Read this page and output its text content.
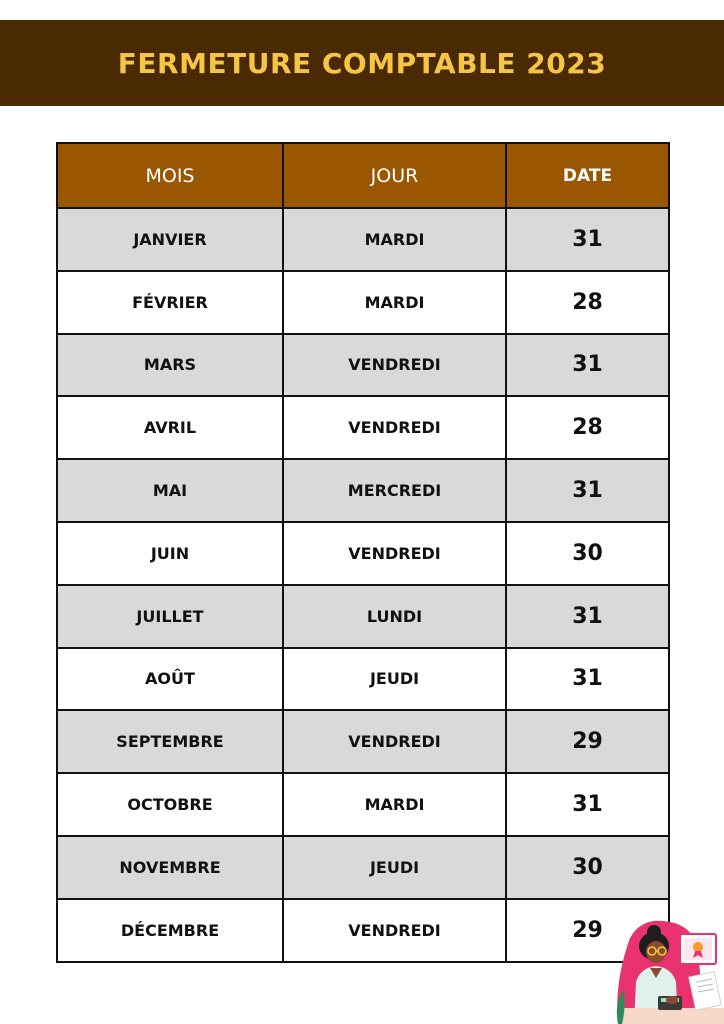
FERMETURE COMPTABLE 2023
MOIS	JOUR	DATE
JANVIER	MARDI	31
FÉVRIER	MARDI	28
MARS	VENDREDI	31
AVRIL	VENDREDI	28
MAI	MERCREDI	31
JUIN	VENDREDI	30
JUILLET	LUNDI	31
AOÛT	JEUDI	31
SEPTEMBRE	VENDREDI	29
OCTOBRE	MARDI	31
NOVEMBRE	JEUDI	30
DÉCEMBRE	VENDREDI	29
